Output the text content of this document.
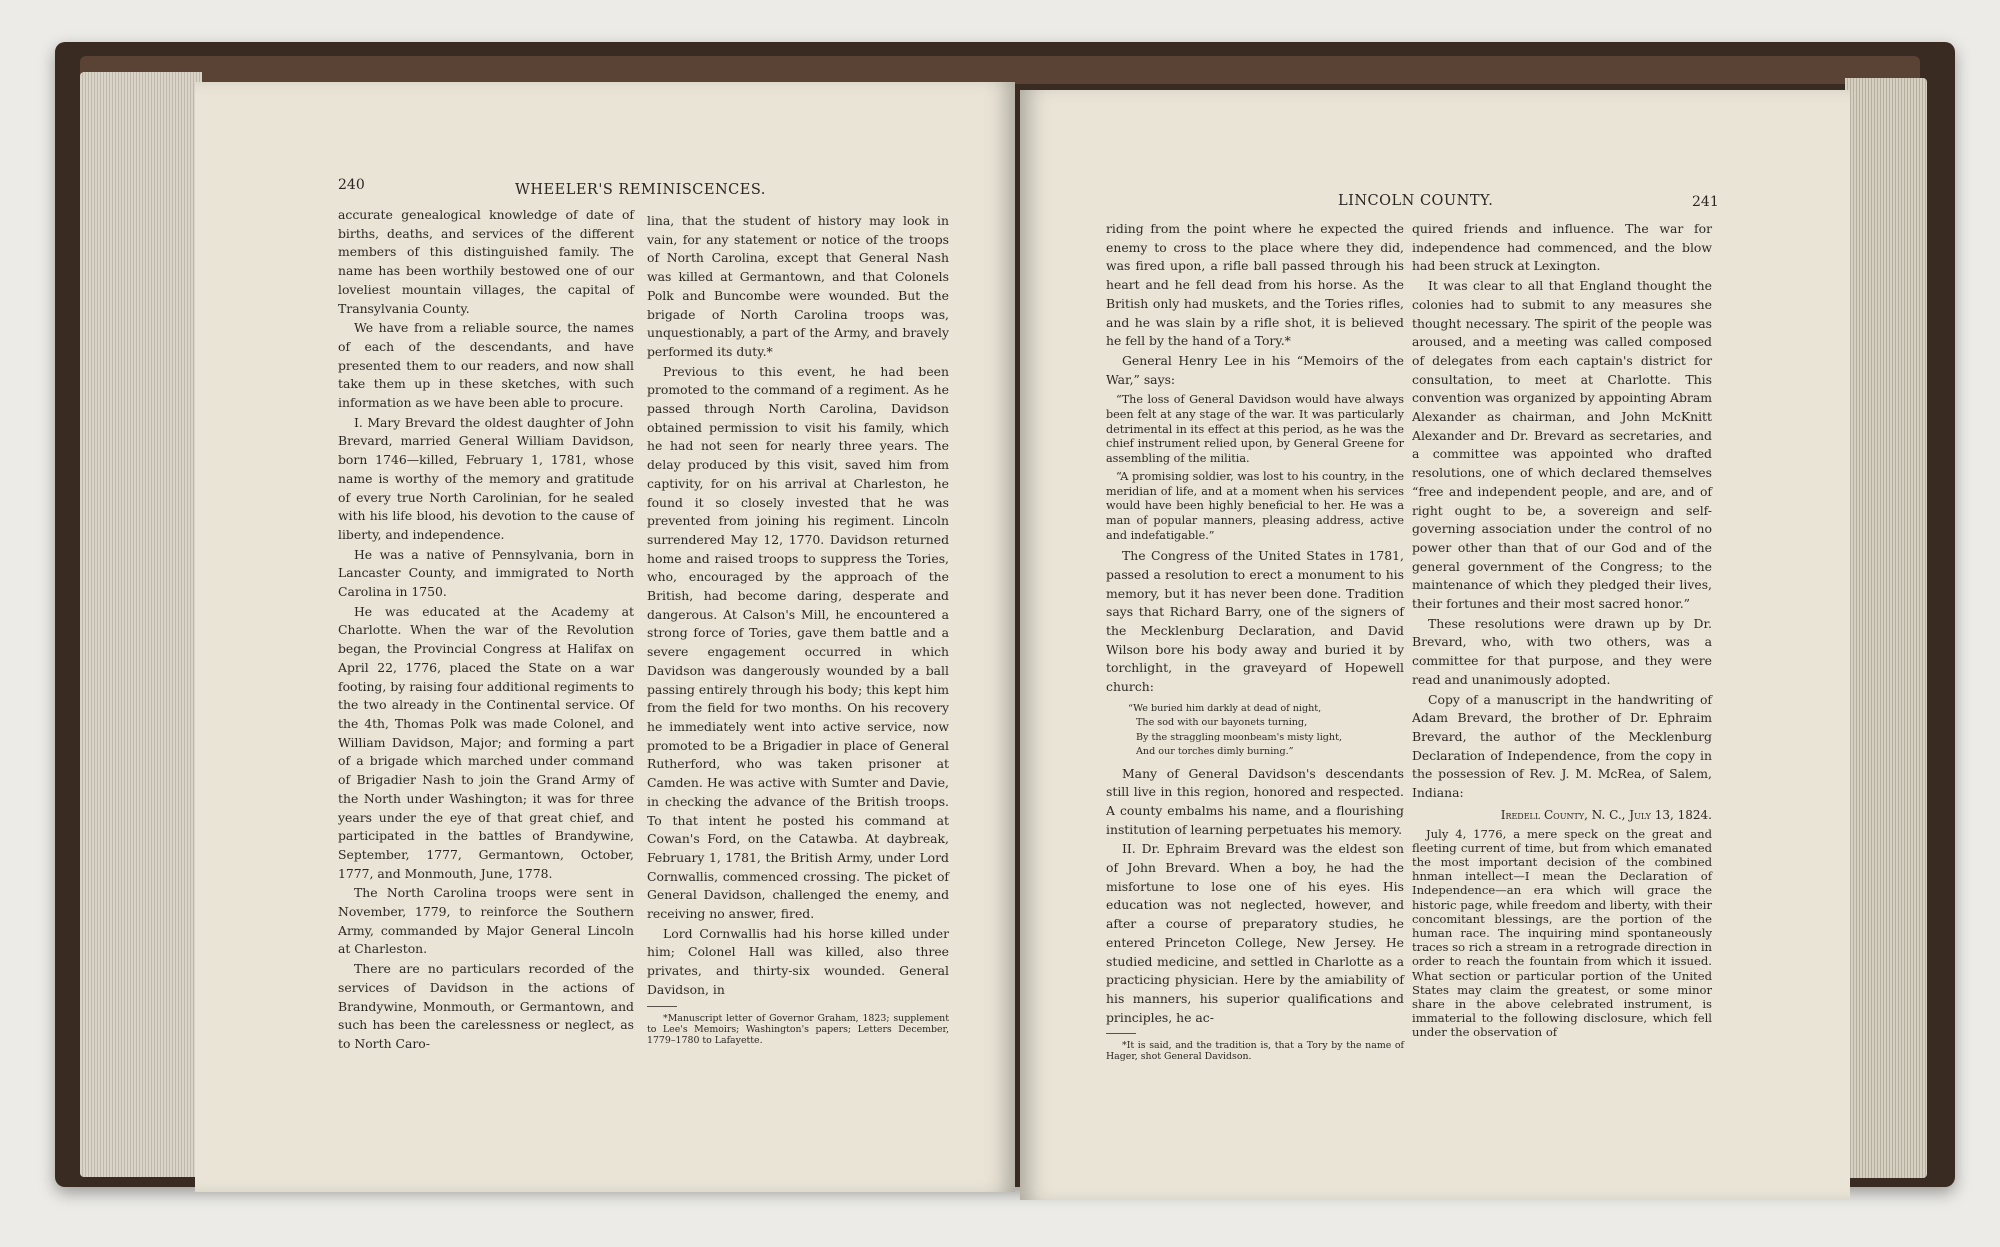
240	WHEELER'S REMINISCENCES.

accurate genealogical knowledge of date of births, deaths, and services of the different members of this distinguished family. The name has been worthily bestowed one of our loveliest mountain villages, the capital of Transylvania County.

We have from a reliable source, the names of each of the descendants, and have presented them to our readers, and now shall take them up in these sketches, with such information as we have been able to procure.

I. Mary Brevard the oldest daughter of John Brevard, married General William Davidson, born 1746—killed, February 1, 1781, whose name is worthy of the memory and gratitude of every true North Carolinian, for he sealed with his life blood, his devotion to the cause of liberty, and independence.

He was a native of Pennsylvania, born in Lancaster County, and immigrated to North Carolina in 1750.

He was educated at the Academy at Charlotte. When the war of the Revolution began, the Provincial Congress at Halifax on April 22, 1776, placed the State on a war footing, by raising four additional regiments to the two already in the Continental service. Of the 4th, Thomas Polk was made Colonel, and William Davidson, Major; and forming a part of a brigade which marched under command of Brigadier Nash to join the Grand Army of the North under Washington; it was for three years under the eye of that great chief, and participated in the battles of Brandywine, September, 1777, Germantown, October, 1777, and Monmouth, June, 1778.

The North Carolina troops were sent in November, 1779, to reinforce the Southern Army, commanded by Major General Lincoln at Charleston.

There are no particulars recorded of the services of Davidson in the actions of Brandywine, Monmouth, or Germantown, and such has been the carelessness or neglect, as to North Caro-

lina, that the student of history may look in vain, for any statement or notice of the troops of North Carolina, except that General Nash was killed at Germantown, and that Colonels Polk and Buncombe were wounded. But the brigade of North Carolina troops was, unquestionably, a part of the Army, and bravely performed its duty.*

Previous to this event, he had been promoted to the command of a regiment. As he passed through North Carolina, Davidson obtained permission to visit his family, which he had not seen for nearly three years. The delay produced by this visit, saved him from captivity, for on his arrival at Charleston, he found it so closely invested that he was prevented from joining his regiment. Lincoln surrendered May 12, 1770. Davidson returned home and raised troops to suppress the Tories, who, encouraged by the approach of the British, had become daring, desperate and dangerous. At Calson's Mill, he encountered a strong force of Tories, gave them battle and a severe engagement occurred in which Davidson was dangerously wounded by a ball passing entirely through his body; this kept him from the field for two months. On his recovery he immediately went into active service, now promoted to be a Brigadier in place of General Rutherford, who was taken prisoner at Camden. He was active with Sumter and Davie, in checking the advance of the British troops. To that intent he posted his command at Cowan's Ford, on the Catawba. At daybreak, February 1, 1781, the British Army, under Lord Cornwallis, commenced crossing. The picket of General Davidson, challenged the enemy, and receiving no answer, fired.

Lord Cornwallis had his horse killed under him; Colonel Hall was killed, also three privates, and thirty-six wounded. General Davidson, in

*Manuscript letter of Governor Graham, 1823; supplement to Lee's Memoirs; Washington's papers; Letters December, 1779–1780 to Lafayette.

LINCOLN COUNTY.	241

riding from the point where he expected the enemy to cross to the place where they did, was fired upon, a rifle ball passed through his heart and he fell dead from his horse. As the British only had muskets, and the Tories rifles, and he was slain by a rifle shot, it is believed he fell by the hand of a Tory.*

General Henry Lee in his “Memoirs of the War,” says:

“The loss of General Davidson would have always been felt at any stage of the war. It was particularly detrimental in its effect at this period, as he was the chief instrument relied upon, by General Greene for assembling of the militia.

“A promising soldier, was lost to his country, in the meridian of life, and at a moment when his services would have been highly beneficial to her. He was a man of popular manners, pleasing address, active and indefatigable.”

The Congress of the United States in 1781, passed a resolution to erect a monument to his memory, but it has never been done. Tradition says that Richard Barry, one of the signers of the Mecklenburg Declaration, and David Wilson bore his body away and buried it by torchlight, in the graveyard of Hopewell church:

“We buried him darkly at dead of night,
The sod with our bayonets turning,
By the straggling moonbeam's misty light,
And our torches dimly burning.”

Many of General Davidson's descendants still live in this region, honored and respected. A county embalms his name, and a flourishing institution of learning perpetuates his memory.

II. Dr. Ephraim Brevard was the eldest son of John Brevard. When a boy, he had the misfortune to lose one of his eyes. His education was not neglected, however, and after a course of preparatory studies, he entered Princeton College, New Jersey. He studied medicine, and settled in Charlotte as a practicing physician. Here by the amiability of his manners, his superior qualifications and principles, he ac-

*It is said, and the tradition is, that a Tory by the name of Hager, shot General Davidson.

quired friends and influence. The war for independence had commenced, and the blow had been struck at Lexington.

It was clear to all that England thought the colonies had to submit to any measures she thought necessary. The spirit of the people was aroused, and a meeting was called composed of delegates from each captain's district for consultation, to meet at Charlotte. This convention was organized by appointing Abram Alexander as chairman, and John McKnitt Alexander and Dr. Brevard as secretaries, and a committee was appointed who drafted resolutions, one of which declared themselves “free and independent people, and are, and of right ought to be, a sovereign and self-governing association under the control of no power other than that of our God and of the general government of the Congress; to the maintenance of which they pledged their lives, their fortunes and their most sacred honor.”

These resolutions were drawn up by Dr. Brevard, who, with two others, was a committee for that purpose, and they were read and unanimously adopted.

Copy of a manuscript in the handwriting of Adam Brevard, the brother of Dr. Ephraim Brevard, the author of the Mecklenburg Declaration of Independence, from the copy in the possession of Rev. J. M. McRea, of Salem, Indiana:

Iredell County, N. C., July 13, 1824.

July 4, 1776, a mere speck on the great and fleeting current of time, but from which emanated the most important decision of the combined hnman intellect—I mean the Declaration of Independence—an era which will grace the historic page, while freedom and liberty, with their concomitant blessings, are the portion of the human race. The inquiring mind spontaneously traces so rich a stream in a retrograde direction in order to reach the fountain from which it issued. What section or particular portion of the United States may claim the greatest, or some minor share in the above celebrated instrument, is immaterial to the following disclosure, which fell under the observation of
